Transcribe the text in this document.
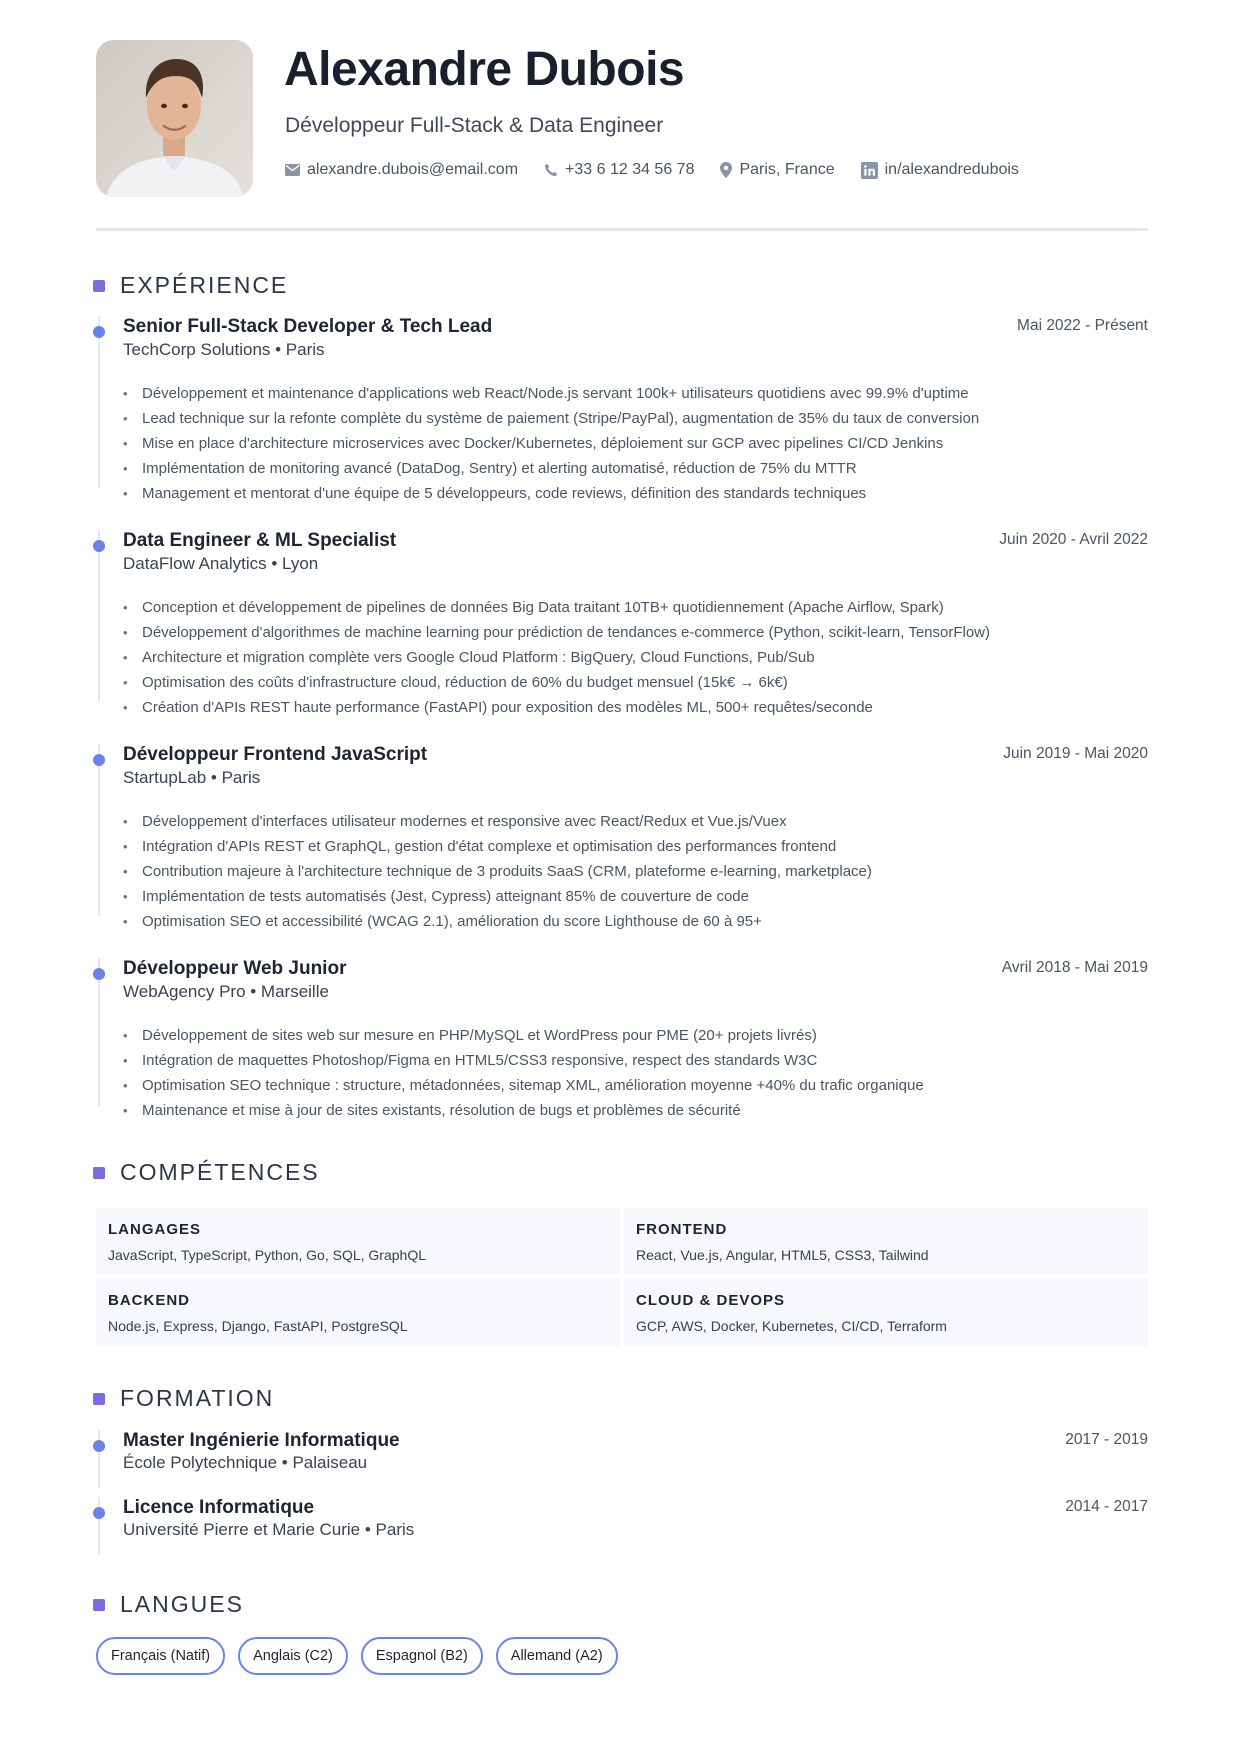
Alexandre Dubois
Développeur Full-Stack & Data Engineer
alexandre.dubois@email.com	+33 6 12 34 56 78	Paris, France	in/alexandredubois
EXPÉRIENCE
Senior Full-Stack Developer & Tech Lead
TechCorp Solutions • Paris
Mai 2022 - Présent
• Développement et maintenance d'applications web React/Node.js servant 100k+ utilisateurs quotidiens avec 99.9% d'uptime
• Lead technique sur la refonte complète du système de paiement (Stripe/PayPal), augmentation de 35% du taux de conversion
• Mise en place d'architecture microservices avec Docker/Kubernetes, déploiement sur GCP avec pipelines CI/CD Jenkins
• Implémentation de monitoring avancé (DataDog, Sentry) et alerting automatisé, réduction de 75% du MTTR
• Management et mentorat d'une équipe de 5 développeurs, code reviews, définition des standards techniques
Data Engineer & ML Specialist
DataFlow Analytics • Lyon
Juin 2020 - Avril 2022
• Conception et développement de pipelines de données Big Data traitant 10TB+ quotidiennement (Apache Airflow, Spark)
• Développement d'algorithmes de machine learning pour prédiction de tendances e-commerce (Python, scikit-learn, TensorFlow)
• Architecture et migration complète vers Google Cloud Platform : BigQuery, Cloud Functions, Pub/Sub
• Optimisation des coûts d'infrastructure cloud, réduction de 60% du budget mensuel (15k€ → 6k€)
• Création d'APIs REST haute performance (FastAPI) pour exposition des modèles ML, 500+ requêtes/seconde
Développeur Frontend JavaScript
StartupLab • Paris
Juin 2019 - Mai 2020
• Développement d'interfaces utilisateur modernes et responsive avec React/Redux et Vue.js/Vuex
• Intégration d'APIs REST et GraphQL, gestion d'état complexe et optimisation des performances frontend
• Contribution majeure à l'architecture technique de 3 produits SaaS (CRM, plateforme e-learning, marketplace)
• Implémentation de tests automatisés (Jest, Cypress) atteignant 85% de couverture de code
• Optimisation SEO et accessibilité (WCAG 2.1), amélioration du score Lighthouse de 60 à 95+
Développeur Web Junior
WebAgency Pro • Marseille
Avril 2018 - Mai 2019
• Développement de sites web sur mesure en PHP/MySQL et WordPress pour PME (20+ projets livrés)
• Intégration de maquettes Photoshop/Figma en HTML5/CSS3 responsive, respect des standards W3C
• Optimisation SEO technique : structure, métadonnées, sitemap XML, amélioration moyenne +40% du trafic organique
• Maintenance et mise à jour de sites existants, résolution de bugs et problèmes de sécurité
COMPÉTENCES
LANGAGES
JavaScript, TypeScript, Python, Go, SQL, GraphQL
FRONTEND
React, Vue.js, Angular, HTML5, CSS3, Tailwind
BACKEND
Node.js, Express, Django, FastAPI, PostgreSQL
CLOUD & DEVOPS
GCP, AWS, Docker, Kubernetes, CI/CD, Terraform
FORMATION
Master Ingénierie Informatique
École Polytechnique • Palaiseau
2017 - 2019
Licence Informatique
Université Pierre et Marie Curie • Paris
2014 - 2017
LANGUES
Français (Natif)	Anglais (C2)	Espagnol (B2)	Allemand (A2)
